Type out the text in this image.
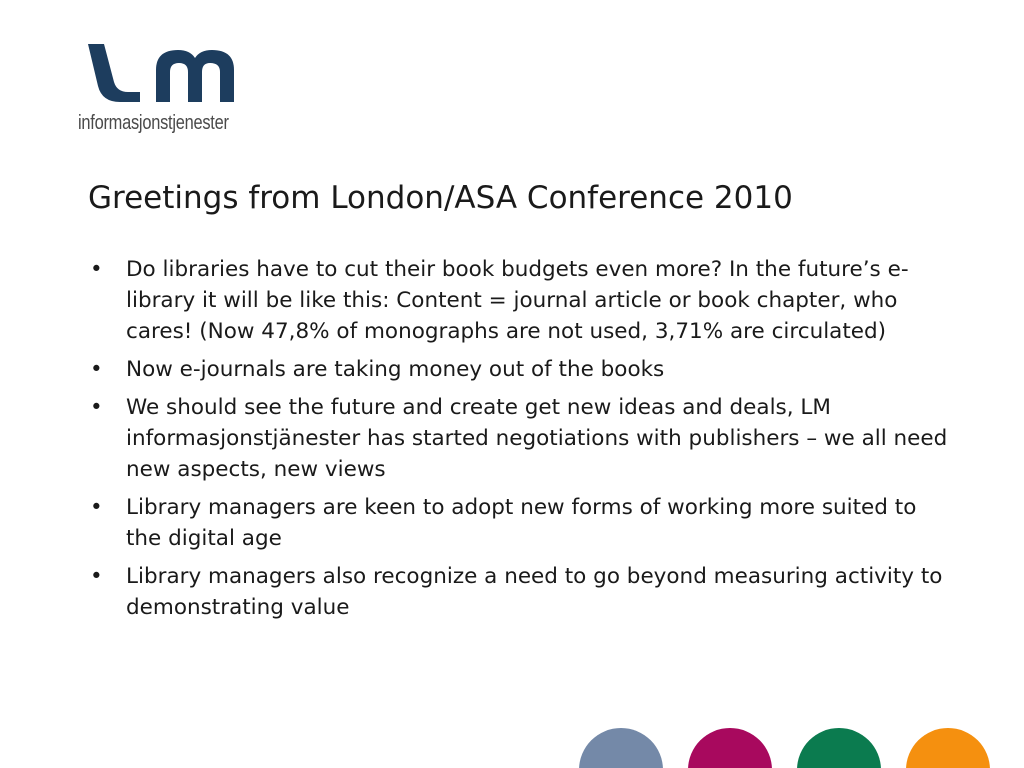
informasjonstjenester
Greetings from London/ASA Conference 2010
• Do libraries have to cut their book budgets even more? In the future’s e-library it will be like this: Content = journal article or book chapter, who cares! (Now 47,8% of monographs are not used, 3,71% are circulated)
• Now e-journals are taking money out of the books
• We should see the future and create get new ideas and deals, LM informasjonstjänester has started negotiations with publishers – we all need new aspects, new views
• Library managers are keen to adopt new forms of working more suited to the digital age
• Library managers also recognize a need to go beyond measuring activity to demonstrating value
